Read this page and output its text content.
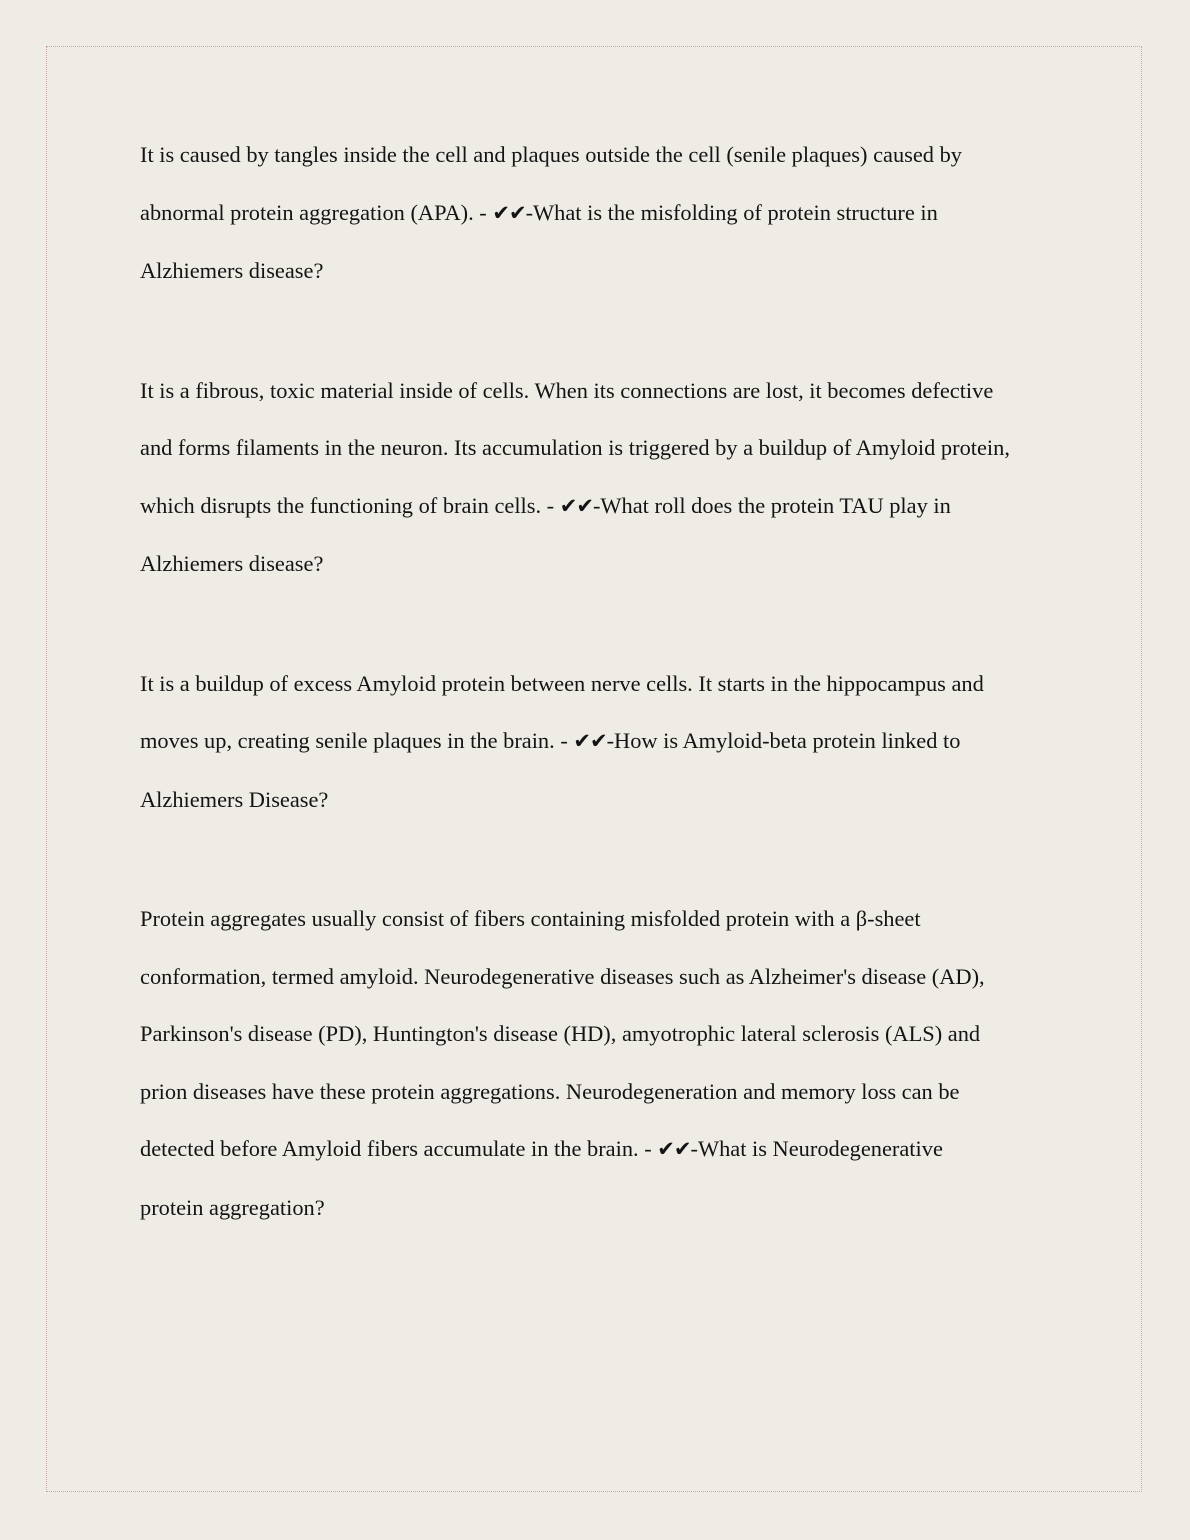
It is caused by tangles inside the cell and plaques outside the cell (senile plaques) caused by
abnormal protein aggregation (APA). - ✔✔-What is the misfolding of protein structure in
Alzhiemers disease?

It is a fibrous, toxic material inside of cells. When its connections are lost, it becomes defective
and forms filaments in the neuron. Its accumulation is triggered by a buildup of Amyloid protein,
which disrupts the functioning of brain cells. - ✔✔-What roll does the protein TAU play in
Alzhiemers disease?

It is a buildup of excess Amyloid protein between nerve cells. It starts in the hippocampus and
moves up, creating senile plaques in the brain. - ✔✔-How is Amyloid-beta protein linked to
Alzhiemers Disease?

Protein aggregates usually consist of fibers containing misfolded protein with a β-sheet
conformation, termed amyloid. Neurodegenerative diseases such as Alzheimer's disease (AD),
Parkinson's disease (PD), Huntington's disease (HD), amyotrophic lateral sclerosis (ALS) and
prion diseases have these protein aggregations. Neurodegeneration and memory loss can be
detected before Amyloid fibers accumulate in the brain. - ✔✔-What is Neurodegenerative
protein aggregation?
